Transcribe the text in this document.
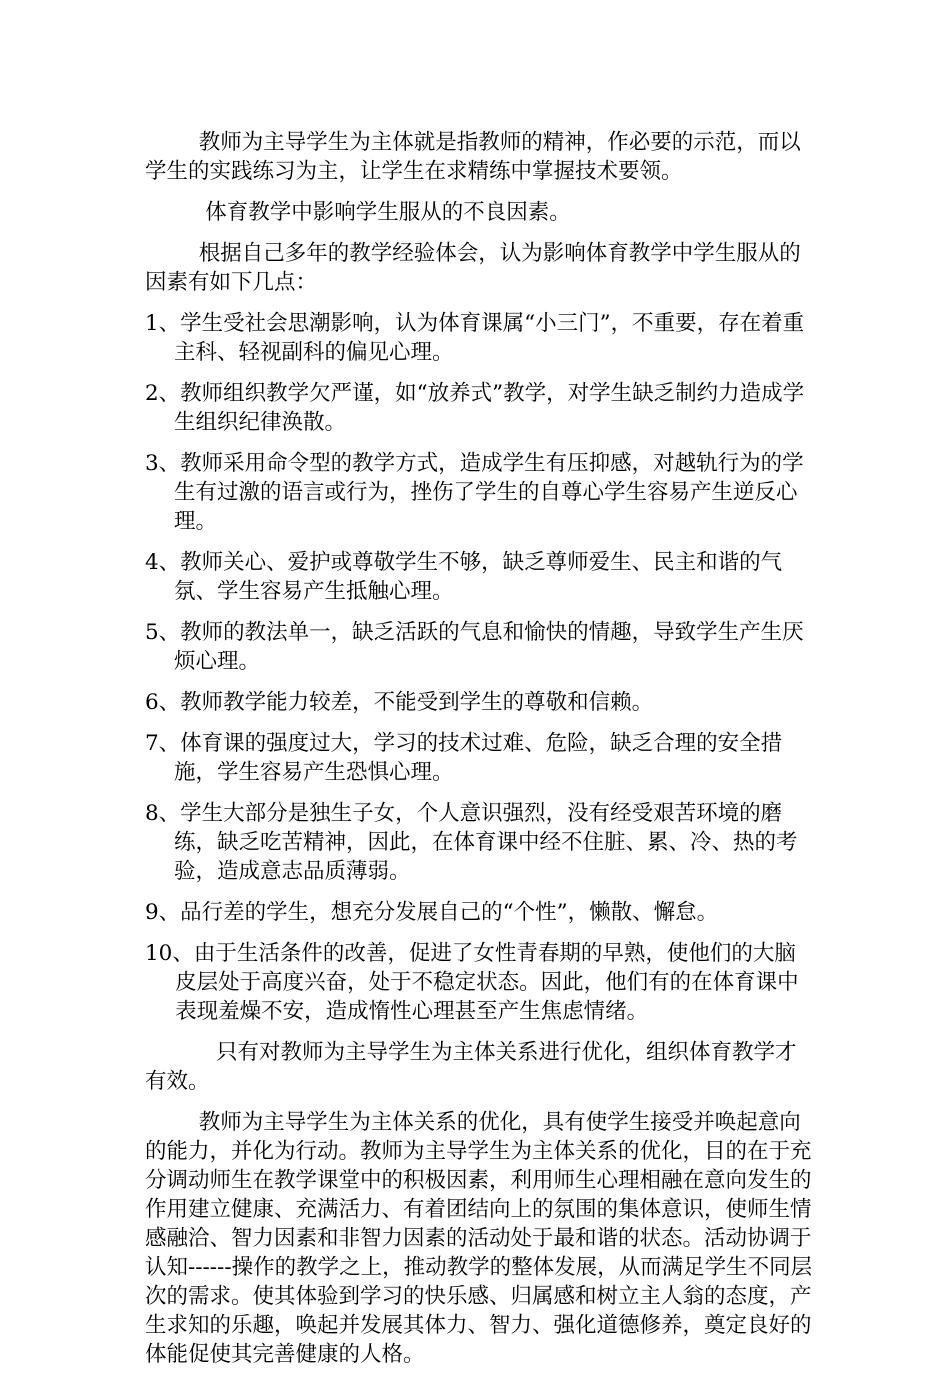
教师为主导学生为主体就是指教师的精神，作必要的示范，而以学生的实践练习为主，让学生在求精练中掌握技术要领。

体育教学中影响学生服从的不良因素。

根据自己多年的教学经验体会，认为影响体育教学中学生服从的因素有如下几点：

1、学生受社会思潮影响，认为体育课属“小三门”，不重要，存在着重主科、轻视副科的偏见心理。

2、教师组织教学欠严谨，如“放养式”教学，对学生缺乏制约力造成学生组织纪律涣散。

3、教师采用命令型的教学方式，造成学生有压抑感，对越轨行为的学生有过激的语言或行为，挫伤了学生的自尊心学生容易产生逆反心理。

4、教师关心、爱护或尊敬学生不够，缺乏尊师爱生、民主和谐的气氛、学生容易产生抵触心理。

5、教师的教法单一，缺乏活跃的气息和愉快的情趣，导致学生产生厌烦心理。

6、教师教学能力较差，不能受到学生的尊敬和信赖。

7、体育课的强度过大，学习的技术过难、危险，缺乏合理的安全措施，学生容易产生恐惧心理。

8、学生大部分是独生子女，个人意识强烈，没有经受艰苦环境的磨练，缺乏吃苦精神，因此，在体育课中经不住脏、累、冷、热的考验，造成意志品质薄弱。

9、品行差的学生，想充分发展自己的“个性”，懒散、懈怠。

10、由于生活条件的改善，促进了女性青春期的早熟，使他们的大脑皮层处于高度兴奋，处于不稳定状态。因此，他们有的在体育课中表现羞燥不安，造成惰性心理甚至产生焦虑情绪。

只有对教师为主导学生为主体关系进行优化，组织体育教学才有效。

教师为主导学生为主体关系的优化，具有使学生接受并唤起意向的能力，并化为行动。教师为主导学生为主体关系的优化，目的在于充分调动师生在教学课堂中的积极因素，利用师生心理相融在意向发生的作用建立健康、充满活力、有着团结向上的氛围的集体意识，使师生情感融洽、智力因素和非智力因素的活动处于最和谐的状态。活动协调于认知------操作的教学之上，推动教学的整体发展，从而满足学生不同层次的需求。使其体验到学习的快乐感、归属感和树立主人翁的态度，产生求知的乐趣，唤起并发展其体力、智力、强化道德修养，奠定良好的体能促使其完善健康的人格。
